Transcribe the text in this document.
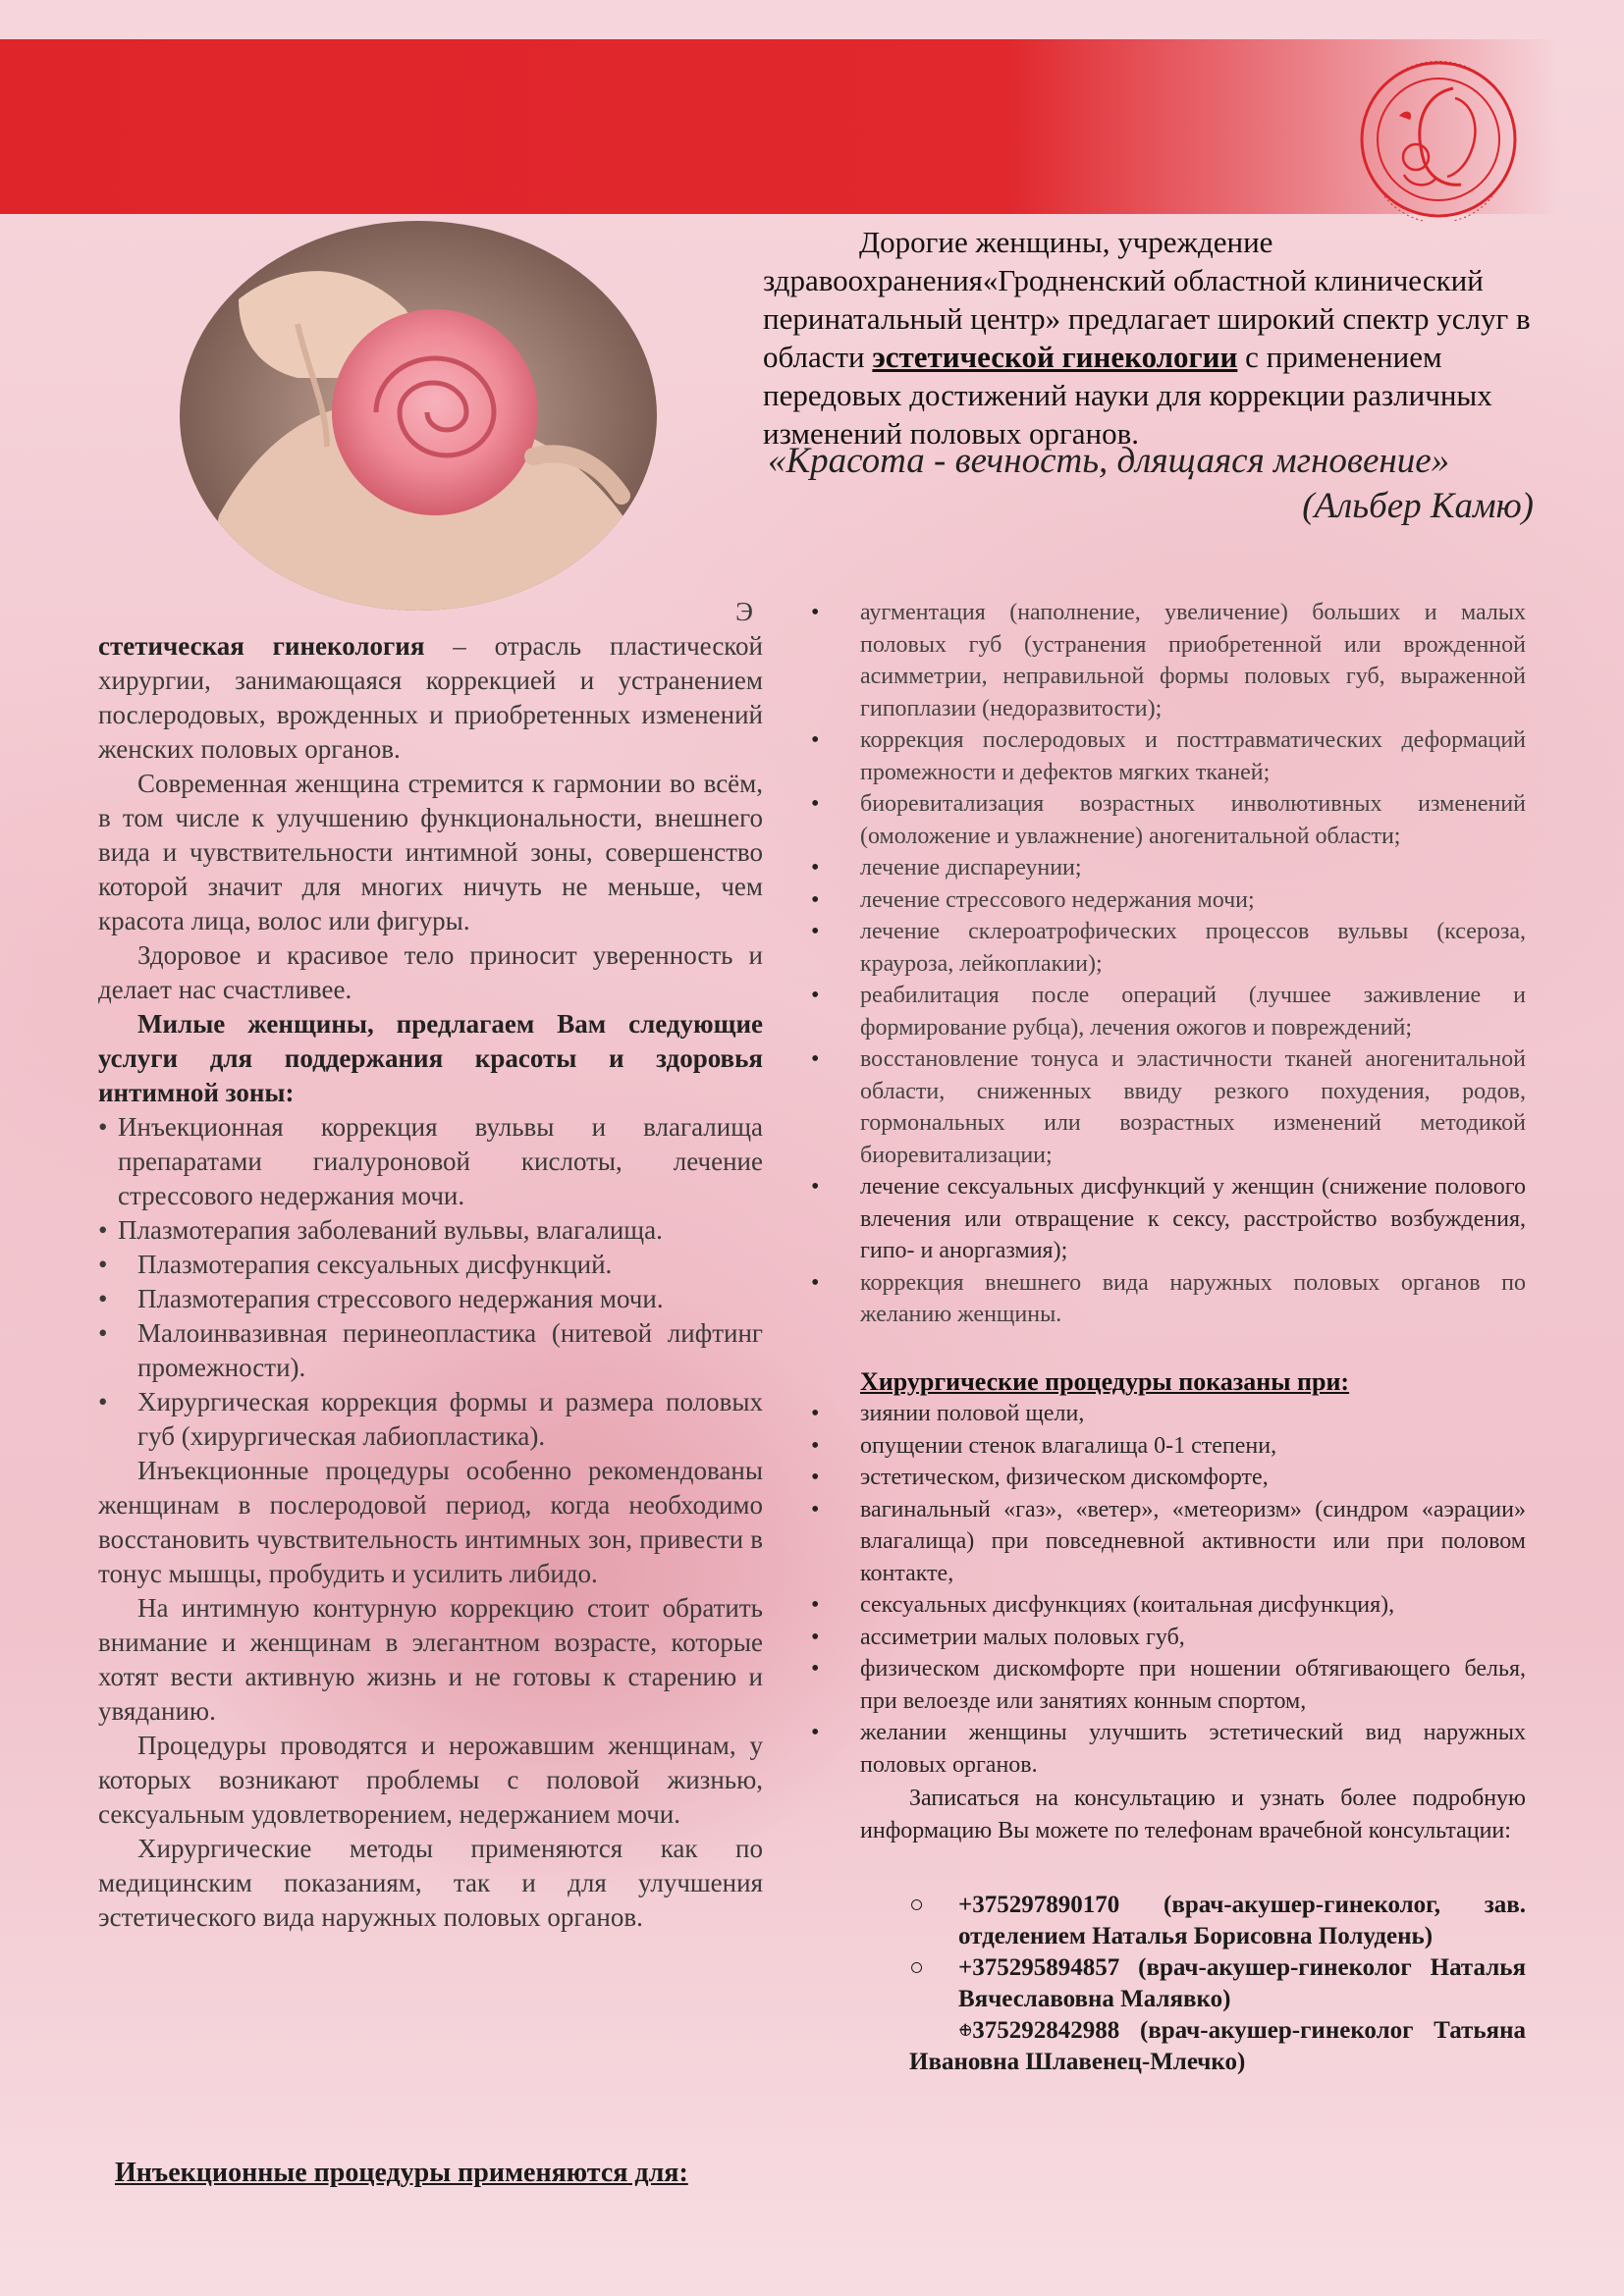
Дорогие женщины, учреждение здравоохранения«Гродненский областной клинический перинатальный центр» предлагает широкий спектр услуг в области эстетической гинекологии с применением передовых достижений науки для коррекции различных изменений половых органов.
«Красота - вечность, длящаяся мгновение»
(Альбер Камю)

Э

стетическая гинекология – отрасль пластической хирургии, занимающаяся коррекцией и устранением послеродовых, врожденных и приобретенных изменений женских половых органов.

Современная женщина стремится к гармонии во всём, в том числе к улучшению функциональности, внешнего вида и чувствительности интимной зоны, совершенство которой значит для многих ничуть не меньше, чем красота лица, волос или фигуры.

Здоровое и красивое тело приносит уверенность и делает нас счастливее.

Милые женщины, предлагаем Вам следующие услуги для поддержания красоты и здоровья интимной зоны:

• Инъекционная коррекция вульвы и влагалища препаратами гиалуроновой кислоты, лечение стрессового недержания мочи.
• Плазмотерапия заболеваний вульвы, влагалища.
•	Плазмотерапия сексуальных дисфункций.
•	Плазмотерапия стрессового недержания мочи.
•	Малоинвазивная перинеопластика (нитевой лифтинг промежности).
•	Хирургическая коррекция формы и размера половых губ (хирургическая лабиопластика).

Инъекционные процедуры особенно рекомендованы женщинам в послеродовой период, когда необходимо восстановить чувствительность интимных зон, привести в тонус мышцы, пробудить и усилить либидо.

На интимную контурную коррекцию стоит обратить внимание и женщинам в элегантном возрасте, которые хотят вести активную жизнь и не готовы к старению и увяданию.

Процедуры проводятся и нерожавшим женщинам, у которых возникают проблемы с половой жизнью, сексуальным удовлетворением, недержанием мочи.

Хирургические методы применяются как по медицинским показаниям, так и для улучшения эстетического вида наружных половых органов.

Инъекционные процедуры применяются для:
• аугментация (наполнение, увеличение) больших и малых половых губ (устранения приобретенной или врожденной асимметрии, неправильной формы половых губ, выраженной гипоплазии (недоразвитости);
• коррекция послеродовых и посттравматических деформаций промежности и дефектов мягких тканей;
• биоревитализация возрастных инволютивных изменений (омоложение и увлажнение) аногенитальной области;
• лечение диспареунии;
• лечение стрессового недержания мочи;
• лечение склероатрофических процессов вульвы (ксероза, крауроза, лейкоплакии);
• реабилитация после операций (лучшее заживление и формирование рубца), лечения ожогов и повреждений;
• восстановление тонуса и эластичности тканей аногенитальной области, сниженных ввиду резкого похудения, родов, гормональных или возрастных изменений методикой биоревитализации;
• лечение сексуальных дисфункций у женщин (снижение полового влечения или отвращение к сексу, расстройство возбуждения, гипо- и аноргазмия);
• коррекция внешнего вида наружных половых органов по желанию женщины.
Хирургические процедуры показаны при:
• зиянии половой щели,
• опущении стенок влагалища 0-1 степени,
• эстетическом, физическом дискомфорте,
• вагинальный «газ», «ветер», «метеоризм» (синдром «аэрации» влагалища) при повседневной активности или при половом контакте,
• сексуальных дисфункциях (коитальная дисфункция),
• ассиметрии малых половых губ,
• физическом дискомфорте при ношении обтягивающего белья, при велоезде или занятиях конным спортом,
• желании женщины улучшить эстетический вид наружных половых органов.
Записаться на консультацию и узнать более подробную информацию Вы можете по телефонам врачебной консультации:
○ +375297890170 (врач-акушер-гинеколог, зав. отделением Наталья Борисовна Полудень)
○ +375295894857 (врач-акушер-гинеколог Наталья Вячеславовна Малявко)
○ +375292842988 (врач-акушер-гинеколог Татьяна Ивановна Шлавенец-Млечко)
